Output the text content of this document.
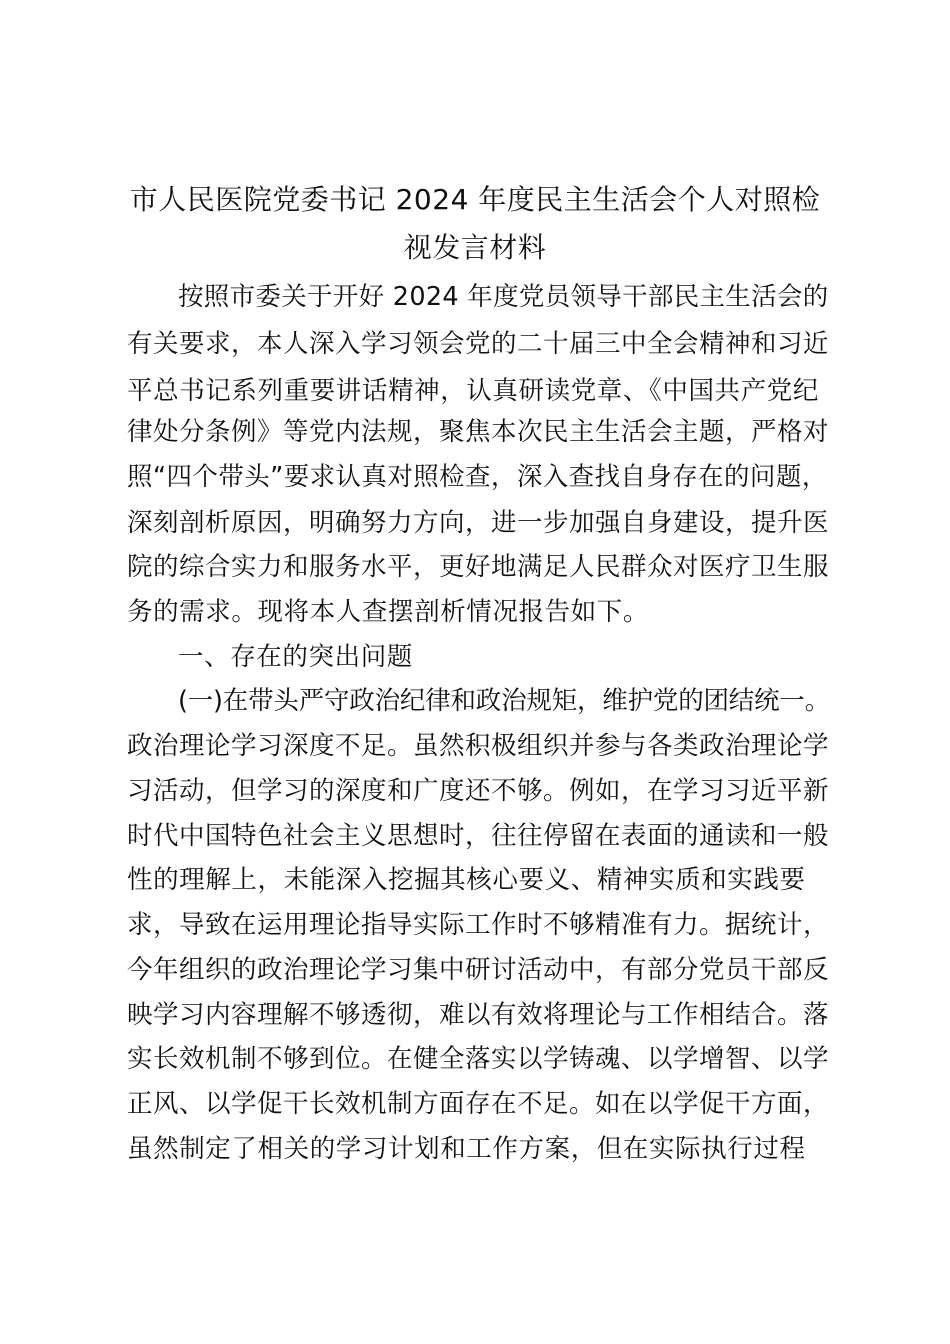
市人民医院党委书记 2024 年度民主生活会个人对照检
视发言材料
按照市委关于开好 2024 年度党员领导干部民主生活会的
有关要求，本人深入学习领会党的二十届三中全会精神和习近
平总书记系列重要讲话精神，认真研读党章、《中国共产党纪
律处分条例》等党内法规，聚焦本次民主生活会主题，严格对
照“四个带头”要求认真对照检查，深入查找自身存在的问题，
深刻剖析原因，明确努力方向，进一步加强自身建设，提升医
院的综合实力和服务水平，更好地满足人民群众对医疗卫生服
务的需求。现将本人查摆剖析情况报告如下。
一、存在的突出问题
(一)在带头严守政治纪律和政治规矩，维护党的团结统一。
政治理论学习深度不足。虽然积极组织并参与各类政治理论学
习活动，但学习的深度和广度还不够。例如，在学习习近平新
时代中国特色社会主义思想时，往往停留在表面的通读和一般
性的理解上，未能深入挖掘其核心要义、精神实质和实践要
求，导致在运用理论指导实际工作时不够精准有力。据统计，
今年组织的政治理论学习集中研讨活动中，有部分党员干部反
映学习内容理解不够透彻，难以有效将理论与工作相结合。落
实长效机制不够到位。在健全落实以学铸魂、以学增智、以学
正风、以学促干长效机制方面存在不足。如在以学促干方面，
虽然制定了相关的学习计划和工作方案，但在实际执行过程
